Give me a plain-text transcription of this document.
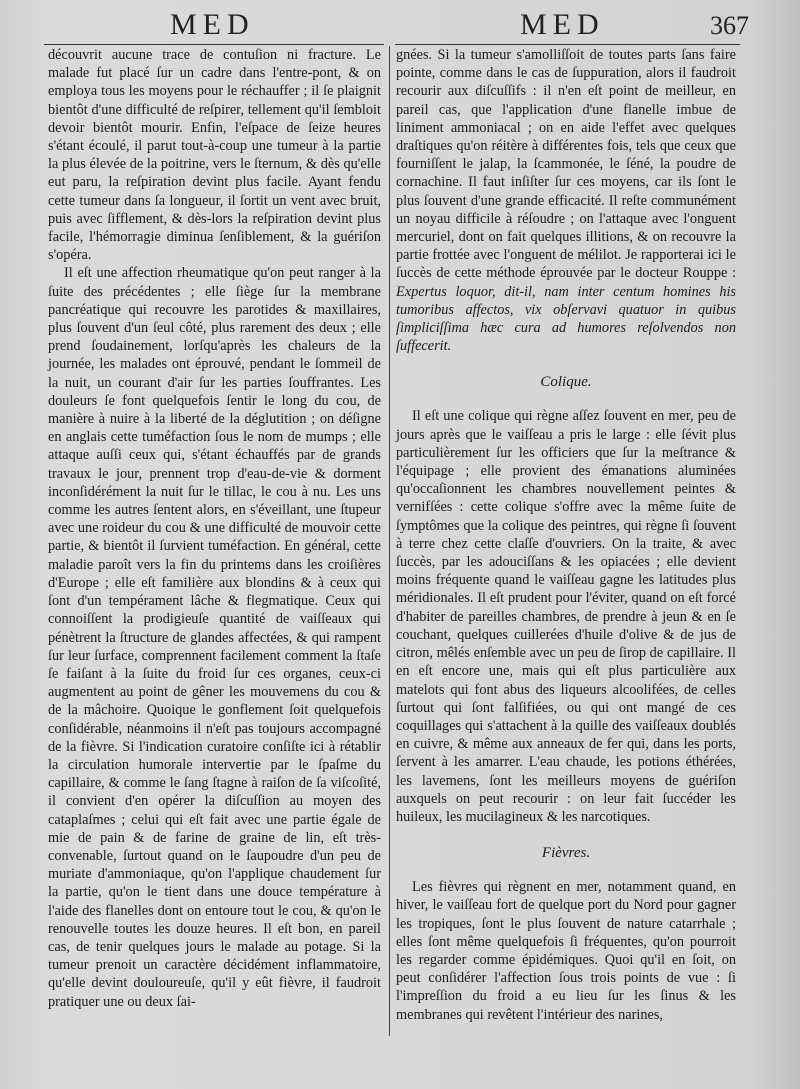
MED	MED	367

découvrit aucune trace de contuſion ni fracture. Le malade fut placé ſur un cadre dans l'entre-pont, & on employa tous les moyens pour le réchauffer ; il ſe plaignit bientôt d'une difficulté de reſpirer, tellement qu'il ſembloit devoir bientôt mourir. Enfin, l'eſpace de ſeize heures s'étant écoulé, il parut tout-à-coup une tumeur à la partie la plus élevée de la poitrine, vers le ſternum, & dès qu'elle eut paru, la reſpiration devint plus facile. Ayant fendu cette tumeur dans ſa longueur, il ſortit un vent avec bruit, puis avec ſifflement, & dès-lors la reſpiration devint plus facile, l'hémorragie diminua ſenſiblement, & la guériſon s'opéra.

Il eſt une affection rheumatique qu'on peut ranger à la ſuite des précédentes ; elle ſiège ſur la membrane pancréatique qui recouvre les parotides & maxillaires, plus ſouvent d'un ſeul côté, plus rarement des deux ; elle prend ſoudainement, lorſqu'après les chaleurs de la journée, les malades ont éprouvé, pendant le ſommeil de la nuit, un courant d'air ſur les parties ſouffrantes. Les douleurs ſe font quelquefois ſentir le long du cou, de manière à nuire à la liberté de la déglutition ; on déſigne en anglais cette tuméfaction ſous le nom de mumps ; elle attaque auſſi ceux qui, s'étant échauffés par de grands travaux le jour, prennent trop d'eau-de-vie & dorment inconſidérément la nuit ſur le tillac, le cou à nu. Les uns comme les autres ſentent alors, en s'éveillant, une ſtupeur avec une roideur du cou & une difficulté de mouvoir cette partie, & bientôt il ſurvient tuméfaction. En général, cette maladie paroît vers la fin du printems dans les croiſières d'Europe ; elle eſt familière aux blondins & à ceux qui ſont d'un tempérament lâche & flegmatique. Ceux qui connoiſſent la prodigieuſe quantité de vaiſſeaux qui pénètrent la ſtructure de glandes affectées, & qui rampent ſur leur ſurface, comprennent facilement comment la ſtaſe ſe faiſant à la ſuite du froid ſur ces organes, ceux-ci augmentent au point de gêner les mouvemens du cou & de la mâchoire. Quoique le gonflement ſoit quelquefois conſidérable, néanmoins il n'eſt pas toujours accompagné de la fièvre. Si l'indication curatoire conſiſte ici à rétablir la circulation humorale intervertie par le ſpaſme du capillaire, & comme le ſang ſtagne à raiſon de ſa viſcoſité, il convient d'en opérer la diſcuſſion au moyen des cataplaſmes ; celui qui eſt fait avec une partie égale de mie de pain & de farine de graine de lin, eſt très-convenable, ſurtout quand on le ſaupoudre d'un peu de muriate d'ammoniaque, qu'on l'applique chaudement ſur la partie, qu'on le tient dans une douce température à l'aide des flanelles dont on entoure tout le cou, & qu'on le renouvelle toutes les douze heures. Il eſt bon, en pareil cas, de tenir quelques jours le malade au potage. Si la tumeur prenoit un caractère décidément inflammatoire, qu'elle devint douloureuſe, qu'il y eût fièvre, il faudroit pratiquer une ou deux ſai-

gnées. Si la tumeur s'amolliſſoit de toutes parts ſans faire pointe, comme dans le cas de ſuppuration, alors il faudroit recourir aux diſcuſſifs : il n'en eſt point de meilleur, en pareil cas, que l'application d'une flanelle imbue de liniment ammoniacal ; on en aide l'effet avec quelques draſtiques qu'on réitère à différentes fois, tels que ceux que fourniſſent le jalap, la ſcammonée, le ſéné, la poudre de cornachine. Il faut inſiſter ſur ces moyens, car ils ſont le plus ſouvent d'une grande efficacité. Il reſte communément un noyau difficile à réſoudre ; on l'attaque avec l'onguent mercuriel, dont on fait quelques illitions, & on recouvre la partie frottée avec l'onguent de mélilot. Je rapporterai ici le ſuccès de cette méthode éprouvée par le docteur Rouppe : Expertus loquor, dit-il, nam inter centum homines his tumoribus affectos, vix obſervavi quatuor in quibus ſimpliciſſima hæc cura ad humores reſolvendos non ſuffecerit.

Colique.

Il eſt une colique qui règne aſſez ſouvent en mer, peu de jours après que le vaiſſeau a pris le large : elle ſévit plus particulièrement ſur les officiers que ſur la meſtrance & l'équipage ; elle provient des émanations aluminées qu'occaſionnent les chambres nouvellement peintes & vernifſées : cette colique s'offre avec la même ſuite de ſymptômes que la colique des peintres, qui règne ſi ſouvent à terre chez cette claſſe d'ouvriers. On la traite, & avec ſuccès, par les adouciſſans & les opiacées ; elle devient moins fréquente quand le vaiſſeau gagne les latitudes plus méridionales. Il eſt prudent pour l'éviter, quand on eſt forcé d'habiter de pareilles chambres, de prendre à jeun & en ſe couchant, quelques cuillerées d'huile d'olive & de jus de citron, mêlés enſemble avec un peu de ſirop de capillaire. Il en eſt encore une, mais qui eſt plus particulière aux matelots qui font abus des liqueurs alcoolifées, de celles ſurtout qui ſont falſifiées, ou qui ont mangé de ces coquillages qui s'attachent à la quille des vaiſſeaux doublés en cuivre, & même aux anneaux de fer qui, dans les ports, ſervent à les amarrer. L'eau chaude, les potions éthérées, les lavemens, ſont les meilleurs moyens de guériſon auxquels on peut recourir : on leur fait ſuccéder les huileux, les mucilagineux & les narcotiques.

Fièvres.

Les fièvres qui règnent en mer, notamment quand, en hiver, le vaiſſeau fort de quelque port du Nord pour gagner les tropiques, ſont le plus ſouvent de nature catarrhale ; elles ſont même quelquefois ſi fréquentes, qu'on pourroit les regarder comme épidémiques. Quoi qu'il en ſoit, on peut conſidérer l'affection ſous trois points de vue : ſi l'impreſſion du froid a eu lieu ſur les ſinus & les membranes qui revêtent l'intérieur des narines,
